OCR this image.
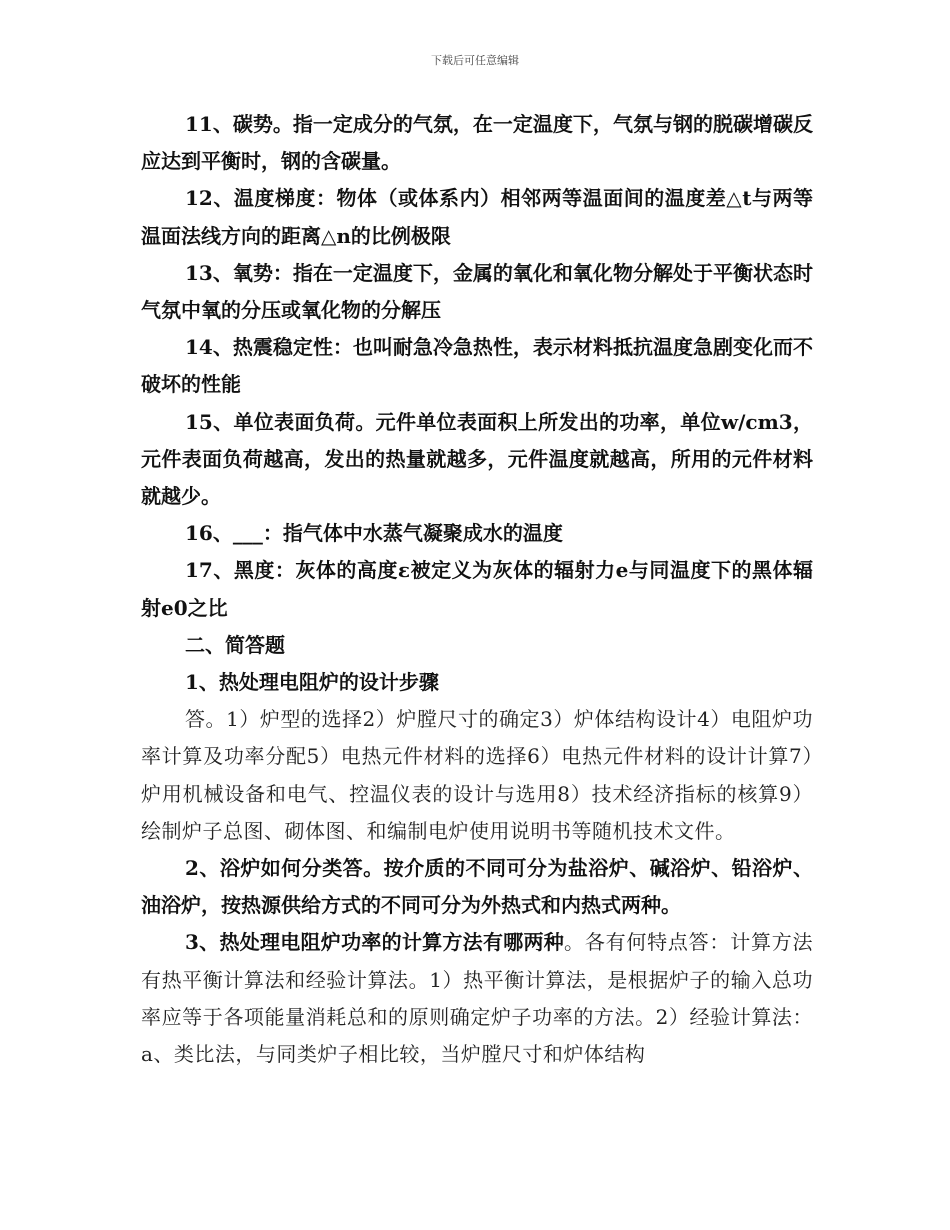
下载后可任意编辑

11、碳势。指一定成分的气氛，在一定温度下，气氛与钢的脱碳增碳反应达到平衡时，钢的含碳量。

12、温度梯度：物体（或体系内）相邻两等温面间的温度差△t与两等温面法线方向的距离△n的比例极限

13、氧势：指在一定温度下，金属的氧化和氧化物分解处于平衡状态时气氛中氧的分压或氧化物的分解压

14、热震稳定性：也叫耐急冷急热性，表示材料抵抗温度急剧变化而不破坏的性能

15、单位表面负荷。元件单位表面积上所发出的功率，单位w/cm3，元件表面负荷越高，发出的热量就越多，元件温度就越高，所用的元件材料就越少。

16、___：指气体中水蒸气凝聚成水的温度

17、黑度：灰体的高度ε被定义为灰体的辐射力e与同温度下的黑体辐射e0之比

二、简答题

1、热处理电阻炉的设计步骤

答。1）炉型的选择2）炉膛尺寸的确定3）炉体结构设计4）电阻炉功率计算及功率分配5）电热元件材料的选择6）电热元件材料的设计计算7）炉用机械设备和电气、控温仪表的设计与选用8）技术经济指标的核算9）绘制炉子总图、砌体图、和编制电炉使用说明书等随机技术文件。

2、浴炉如何分类答。按介质的不同可分为盐浴炉、碱浴炉、铅浴炉、油浴炉，按热源供给方式的不同可分为外热式和内热式两种。

3、热处理电阻炉功率的计算方法有哪两种。各有何特点答：计算方法有热平衡计算法和经验计算法。1）热平衡计算法，是根据炉子的输入总功率应等于各项能量消耗总和的原则确定炉子功率的方法。2）经验计算法：a、类比法，与同类炉子相比较，当炉膛尺寸和炉体结构
